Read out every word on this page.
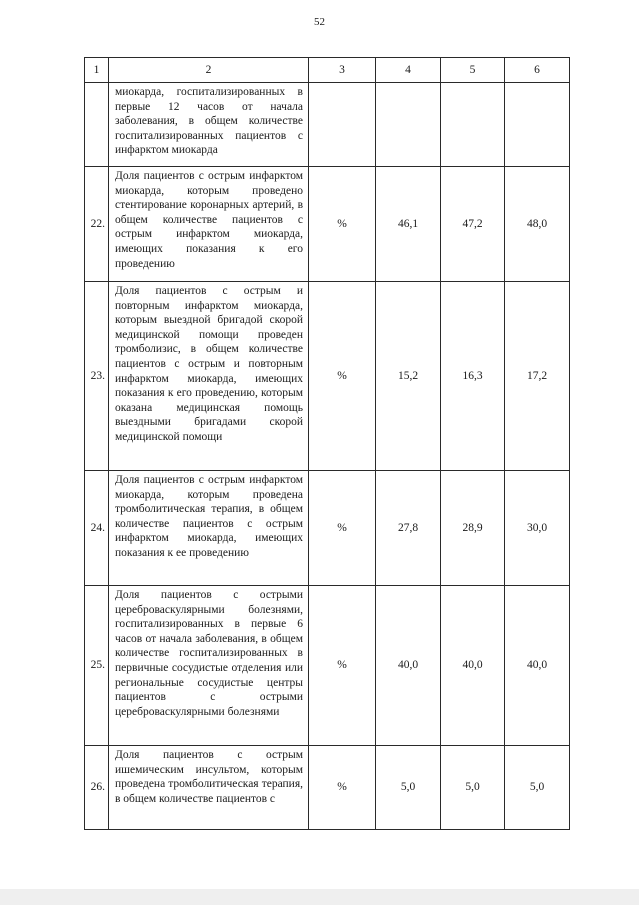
52
1	2	3	4	5	6
	миокарда, госпитализированных в первые 12 часов от начала заболевания, в общем количестве госпитализированных пациентов с инфарктом миокарда				
22.	Доля пациентов с острым инфарктом миокарда, которым проведено стентирование коронарных артерий, в общем количестве пациентов с острым инфарктом миокарда, имеющих показания к его проведению	%	46,1	47,2	48,0
23.	Доля пациентов с острым и повторным инфарктом миокарда, которым выездной бригадой скорой медицинской помощи проведен тромболизис, в общем количестве пациентов с острым и повторным инфарктом миокарда, имеющих показания к его проведению, которым оказана медицинская помощь выездными бригадами скорой медицинской помощи	%	15,2	16,3	17,2
24.	Доля пациентов с острым инфарктом миокарда, которым проведена тромболитическая терапия, в общем количестве пациентов с острым инфарктом миокарда, имеющих показания к ее проведению	%	27,8	28,9	30,0
25.	Доля пациентов с острыми цереброваскулярными болезнями, госпитализированных в первые 6 часов от начала заболевания, в общем количестве госпитализированных в первичные сосудистые отделения или региональные сосудистые центры пациентов с острыми цереброваскулярными болезнями	%	40,0	40,0	40,0
26.	Доля пациентов с острым ишемическим инсультом, которым проведена тромболитическая терапия, в общем количестве пациентов с	%	5,0	5,0	5,0
